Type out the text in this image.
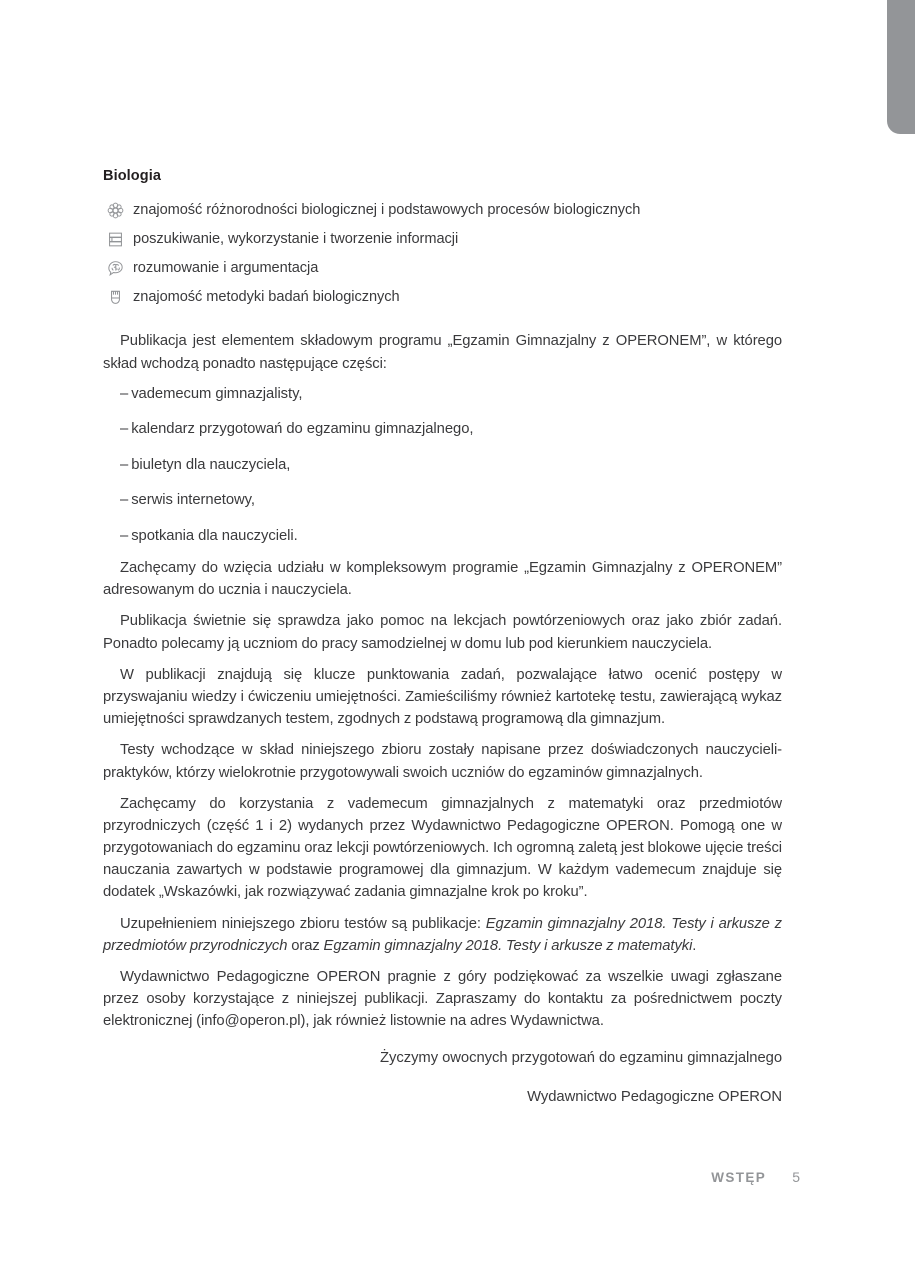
Biologia
znajomość różnorodności biologicznej i podstawowych procesów biologicznych
poszukiwanie, wykorzystanie i tworzenie informacji
rozumowanie i argumentacja
znajomość metodyki badań biologicznych

Publikacja jest elementem składowym programu „Egzamin Gimnazjalny z OPERONEM”, w którego skład wchodzą ponadto następujące części:

– vademecum gimnazjalisty,
– kalendarz przygotowań do egzaminu gimnazjalnego,
– biuletyn dla nauczyciela,
– serwis internetowy,
– spotkania dla nauczycieli.

Zachęcamy do wzięcia udziału w kompleksowym programie „Egzamin Gimnazjalny z OPERONEM” adresowanym do ucznia i nauczyciela.

Publikacja świetnie się sprawdza jako pomoc na lekcjach powtórzeniowych oraz jako zbiór zadań. Ponadto polecamy ją uczniom do pracy samodzielnej w domu lub pod kierunkiem nauczyciela.

W publikacji znajdują się klucze punktowania zadań, pozwalające łatwo ocenić postępy w przyswajaniu wiedzy i ćwiczeniu umiejętności. Zamieściliśmy również kartotekę testu, zawierającą wykaz umiejętności sprawdzanych testem, zgodnych z podstawą programową dla gimnazjum.

Testy wchodzące w skład niniejszego zbioru zostały napisane przez doświadczonych nauczycieli-praktyków, którzy wielokrotnie przygotowywali swoich uczniów do egzaminów gimnazjalnych.

Zachęcamy do korzystania z vademecum gimnazjalnych z matematyki oraz przedmiotów przyrodniczych (część 1 i 2) wydanych przez Wydawnictwo Pedagogiczne OPERON. Pomogą one w przygotowaniach do egzaminu oraz lekcji powtórzeniowych. Ich ogromną zaletą jest blokowe ujęcie treści nauczania zawartych w podstawie programowej dla gimnazjum. W każdym vademecum znajduje się dodatek „Wskazówki, jak rozwiązywać zadania gimnazjalne krok po kroku”.

Uzupełnieniem niniejszego zbioru testów są publikacje: Egzamin gimnazjalny 2018. Testy i arkusze z przedmiotów przyrodniczych oraz Egzamin gimnazjalny 2018. Testy i arkusze z matematyki.

Wydawnictwo Pedagogiczne OPERON pragnie z góry podziękować za wszelkie uwagi zgłaszane przez osoby korzystające z niniejszej publikacji. Zapraszamy do kontaktu za pośrednictwem poczty elektronicznej (info@operon.pl), jak również listownie na adres Wydawnictwa.

Życzymy owocnych przygotowań do egzaminu gimnazjalnego
Wydawnictwo Pedagogiczne OPERON
WSTĘP 5
